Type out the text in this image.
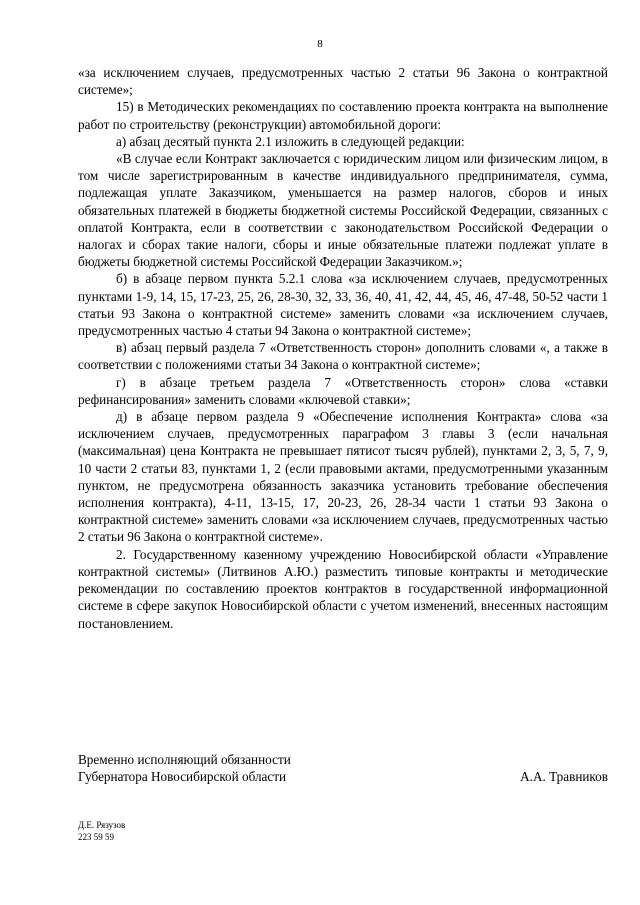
8

«за исключением случаев, предусмотренных частью 2 статьи 96 Закона о контрактной системе»;

15) в Методических рекомендациях по составлению проекта контракта на выполнение работ по строительству (реконструкции) автомобильной дороги:

а) абзац десятый пункта 2.1 изложить в следующей редакции:

«В случае если Контракт заключается с юридическим лицом или физическим лицом, в том числе зарегистрированным в качестве индивидуального предпринимателя, сумма, подлежащая уплате Заказчиком, уменьшается на размер налогов, сборов и иных обязательных платежей в бюджеты бюджетной системы Российской Федерации, связанных с оплатой Контракта, если в соответствии с законодательством Российской Федерации о налогах и сборах такие налоги, сборы и иные обязательные платежи подлежат уплате в бюджеты бюджетной системы Российской Федерации Заказчиком.»;

б) в абзаце первом пункта 5.2.1 слова «за исключением случаев, предусмотренных пунктами 1-9, 14, 15, 17-23, 25, 26, 28-30, 32, 33, 36, 40, 41, 42, 44, 45, 46, 47-48, 50-52 части 1 статьи 93 Закона о контрактной системе» заменить словами «за исключением случаев, предусмотренных частью 4 статьи 94 Закона о контрактной системе»;

в) абзац первый раздела 7 «Ответственность сторон» дополнить словами «, а также в соответствии с положениями статьи 34 Закона о контрактной системе»;

г) в абзаце третьем раздела 7 «Ответственность сторон» слова «ставки рефинансирования» заменить словами «ключевой ставки»;

д) в абзаце первом раздела 9 «Обеспечение исполнения Контракта» слова «за исключением случаев, предусмотренных параграфом 3 главы 3 (если начальная (максимальная) цена Контракта не превышает пятисот тысяч рублей), пунктами 2, 3, 5, 7, 9, 10 части 2 статьи 83, пунктами 1, 2 (если правовыми актами, предусмотренными указанным пунктом, не предусмотрена обязанность заказчика установить требование обеспечения исполнения контракта), 4-11, 13-15, 17, 20-23, 26, 28-34 части 1 статьи 93 Закона о контрактной системе» заменить словами «за исключением случаев, предусмотренных частью 2 статьи 96 Закона о контрактной системе».

2. Государственному казенному учреждению Новосибирской области «Управление контрактной системы» (Литвинов А.Ю.) разместить типовые контракты и методические рекомендации по составлению проектов контрактов в государственной информационной системе в сфере закупок Новосибирской области с учетом изменений, внесенных настоящим постановлением.

Временно исполняющий обязанности
Губернатора Новосибирской области	А.А. Травников
Д.Е. Рязузов
223 59 59
